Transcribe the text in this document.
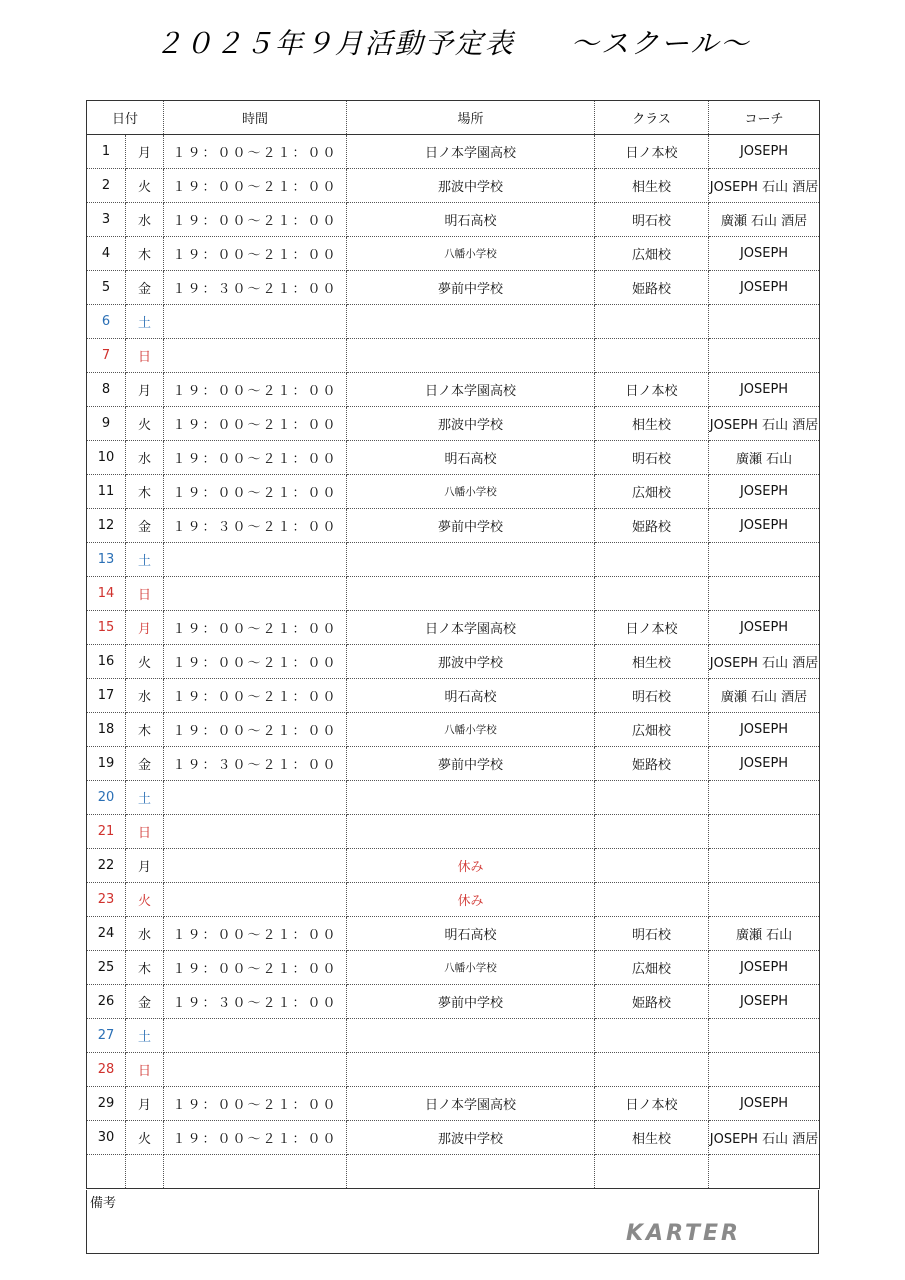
２０２５年９月活動予定表 ～スクール～
日付		時間	場所	クラス	コーチ
1	月	１９：００～２１：００	日ノ本学園高校	日ノ本校	JOSEPH
2	火	１９：００～２１：００	那波中学校	相生校	JOSEPH 石山 酒居
3	水	１９：００～２１：００	明石高校	明石校	廣瀬 石山 酒居
4	木	１９：００～２１：００	八幡小学校	広畑校	JOSEPH
5	金	１９：３０～２１：００	夢前中学校	姫路校	JOSEPH
6	土				
7	日				
8	月	１９：００～２１：００	日ノ本学園高校	日ノ本校	JOSEPH
9	火	１９：００～２１：００	那波中学校	相生校	JOSEPH 石山 酒居
10	水	１９：００～２１：００	明石高校	明石校	廣瀬 石山
11	木	１９：００～２１：００	八幡小学校	広畑校	JOSEPH
12	金	１９：３０～２１：００	夢前中学校	姫路校	JOSEPH
13	土				
14	日				
15	月	１９：００～２１：００	日ノ本学園高校	日ノ本校	JOSEPH
16	火	１９：００～２１：００	那波中学校	相生校	JOSEPH 石山 酒居
17	水	１９：００～２１：００	明石高校	明石校	廣瀬 石山 酒居
18	木	１９：００～２１：００	八幡小学校	広畑校	JOSEPH
19	金	１９：３０～２１：００	夢前中学校	姫路校	JOSEPH
20	土				
21	日				
22	月		休み		
23	火		休み		
24	水	１９：００～２１：００	明石高校	明石校	廣瀬 石山
25	木	１９：００～２１：００	八幡小学校	広畑校	JOSEPH
26	金	１９：３０～２１：００	夢前中学校	姫路校	JOSEPH
27	土				
28	日				
29	月	１９：００～２１：００	日ノ本学園高校	日ノ本校	JOSEPH
30	火	１９：００～２１：００	那波中学校	相生校	JOSEPH 石山 酒居

備考
KARTER
